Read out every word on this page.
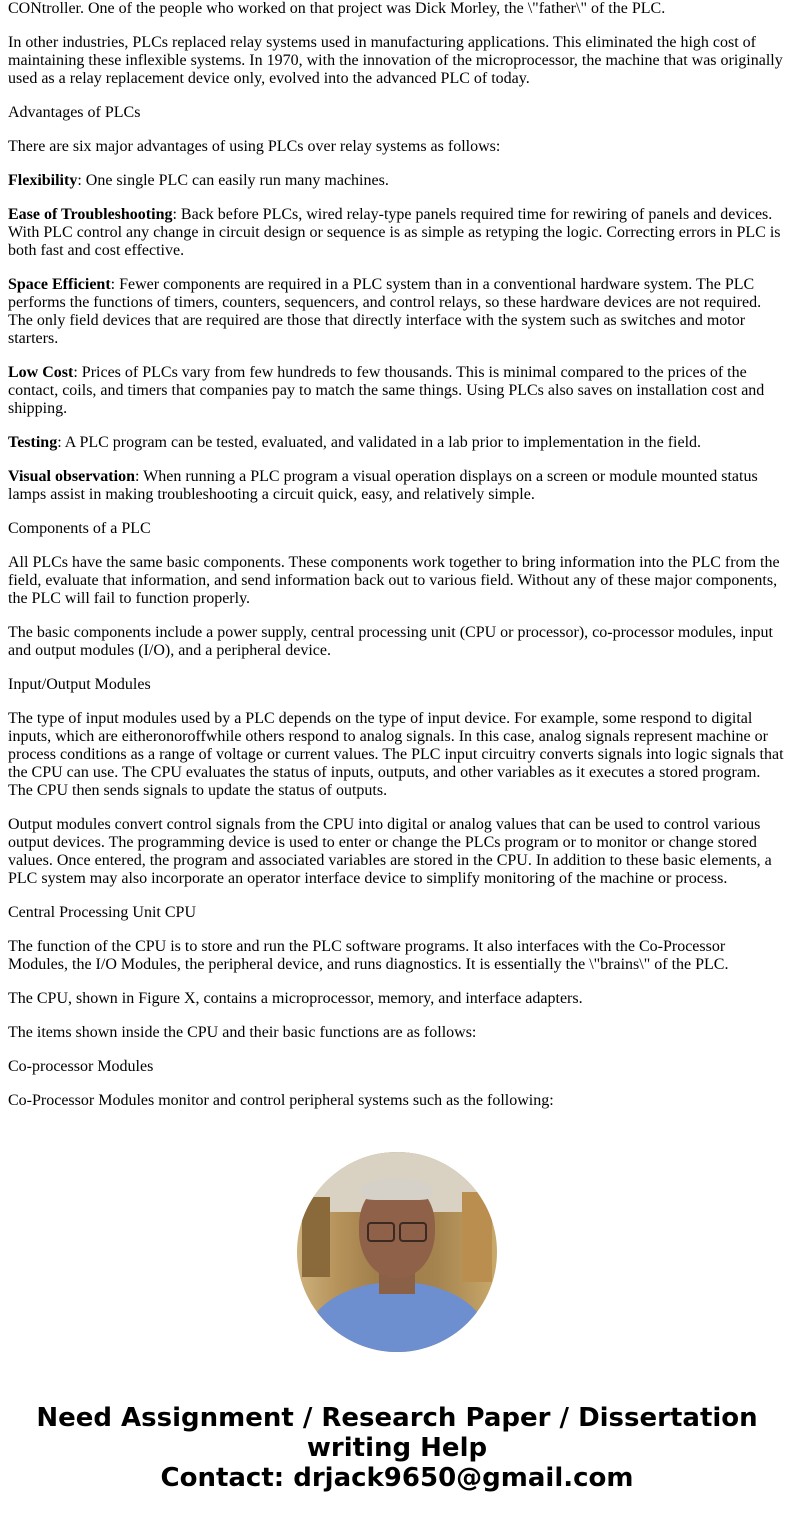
CONtroller. One of the people who worked on that project was Dick Morley, the \"father\" of the PLC.

In other industries, PLCs replaced relay systems used in manufacturing applications. This eliminated the high cost of maintaining these inflexible systems. In 1970, with the innovation of the microprocessor, the machine that was originally used as a relay replacement device only, evolved into the advanced PLC of today.

Advantages of PLCs

There are six major advantages of using PLCs over relay systems as follows:

Flexibility: One single PLC can easily run many machines.

Ease of Troubleshooting: Back before PLCs, wired relay-type panels required time for rewiring of panels and devices. With PLC control any change in circuit design or sequence is as simple as retyping the logic. Correcting errors in PLC is both fast and cost effective.

Space Efficient: Fewer components are required in a PLC system than in a conventional hardware system. The PLC performs the functions of timers, counters, sequencers, and control relays, so these hardware devices are not required. The only field devices that are required are those that directly interface with the system such as switches and motor starters.

Low Cost: Prices of PLCs vary from few hundreds to few thousands. This is minimal compared to the prices of the contact, coils, and timers that companies pay to match the same things. Using PLCs also saves on installation cost and shipping.

Testing: A PLC program can be tested, evaluated, and validated in a lab prior to implementation in the field.

Visual observation: When running a PLC program a visual operation displays on a screen or module mounted status lamps assist in making troubleshooting a circuit quick, easy, and relatively simple.

Components of a PLC

All PLCs have the same basic components. These components work together to bring information into the PLC from the field, evaluate that information, and send information back out to various field. Without any of these major components, the PLC will fail to function properly.

The basic components include a power supply, central processing unit (CPU or processor), co-processor modules, input and output modules (I/O), and a peripheral device.

Input/Output Modules

The type of input modules used by a PLC depends on the type of input device. For example, some respond to digital inputs, which are eitheronoroffwhile others respond to analog signals. In this case, analog signals represent machine or process conditions as a range of voltage or current values. The PLC input circuitry converts signals into logic signals that the CPU can use. The CPU evaluates the status of inputs, outputs, and other variables as it executes a stored program. The CPU then sends signals to update the status of outputs.

Output modules convert control signals from the CPU into digital or analog values that can be used to control various output devices. The programming device is used to enter or change the PLCs program or to monitor or change stored values. Once entered, the program and associated variables are stored in the CPU. In addition to these basic elements, a PLC system may also incorporate an operator interface device to simplify monitoring of the machine or process.

Central Processing Unit CPU

The function of the CPU is to store and run the PLC software programs. It also interfaces with the Co-Processor Modules, the I/O Modules, the peripheral device, and runs diagnostics. It is essentially the \"brains\" of the PLC.

The CPU, shown in Figure X, contains a microprocessor, memory, and interface adapters.

The items shown inside the CPU and their basic functions are as follows:

Co-processor Modules

Co-Processor Modules monitor and control peripheral systems such as the following:

Need Assignment / Research Paper / Dissertation
writing Help
Contact: drjack9650@gmail.com
